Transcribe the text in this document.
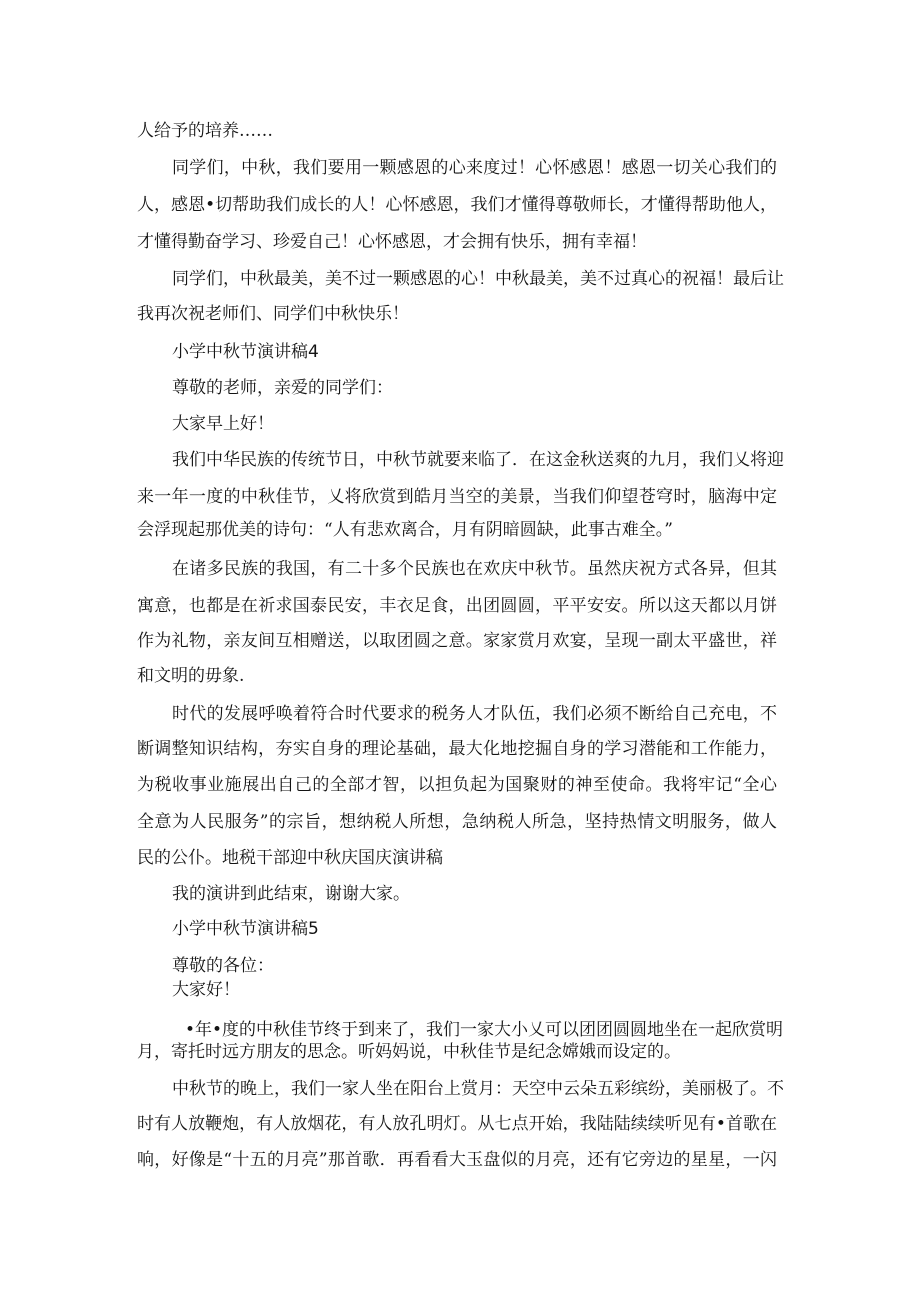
人给予的培养……
同学们，中秋，我们要用一颗感恩的心来度过！心怀感恩！感恩一切关心我们的
人，感恩•切帮助我们成长的人！心怀感恩，我们才懂得尊敬师长，才懂得帮助他人，
才懂得勤奋学习、珍爱自己！心怀感恩，才会拥有快乐，拥有幸福！
同学们，中秋最美，美不过一颗感恩的心！中秋最美，美不过真心的祝福！最后让
我再次祝老师们、同学们中秋快乐！
小学中秋节演讲稿4
尊敬的老师，亲爱的同学们：
大家早上好！
我们中华民族的传统节日，中秋节就要来临了．在这金秋送爽的九月，我们乂将迎
来一年一度的中秋佳节，乂将欣赏到皓月当空的美景，当我们仰望苍穹时，脑海中定
会浮现起那优美的诗句：“人有悲欢离合，月有阴暗圆缺，此事古难全。”
在诸多民族的我国，有二十多个民族也在欢庆中秋节。虽然庆祝方式各异，但其
寓意，也都是在祈求国泰民安，丰衣足食，出团圆圆，平平安安。所以这天都以月饼
作为礼物，亲友间互相赠送，以取团圆之意。家家赏月欢宴，呈现一副太平盛世，祥
和文明的毋象.
时代的发展呼唤着符合时代要求的税务人才队伍，我们必须不断给自己充电，不
断调整知识结构，夯实自身的理论基础，最大化地挖掘自身的学习潜能和工作能力，
为税收事业施展出自己的全部才智，以担负起为国聚财的神至使命。我将牢记“全心
全意为人民服务”的宗旨，想纳税人所想，急纳税人所急，坚持热情文明服务，做人
民的公仆。地税干部迎中秋庆国庆演讲稿
我的演讲到此结束，谢谢大家。
小学中秋节演讲稿5
尊敬的各位：
大家好！
•年•度的中秋佳节终于到来了，我们一家大小乂可以团团圆圆地坐在一起欣赏明
月，寄托时远方朋友的思念。听妈妈说，中秋佳节是纪念嫦娥而设定的。
中秋节的晚上，我们一家人坐在阳台上赏月：天空中云朵五彩缤纷，美丽极了。不
时有人放鞭炮，有人放烟花，有人放孔明灯。从七点开始，我陆陆续续听见有•首歌在
响，好像是“十五的月亮”那首歌．再看看大玉盘似的月亮，还有它旁边的星星，一闪
